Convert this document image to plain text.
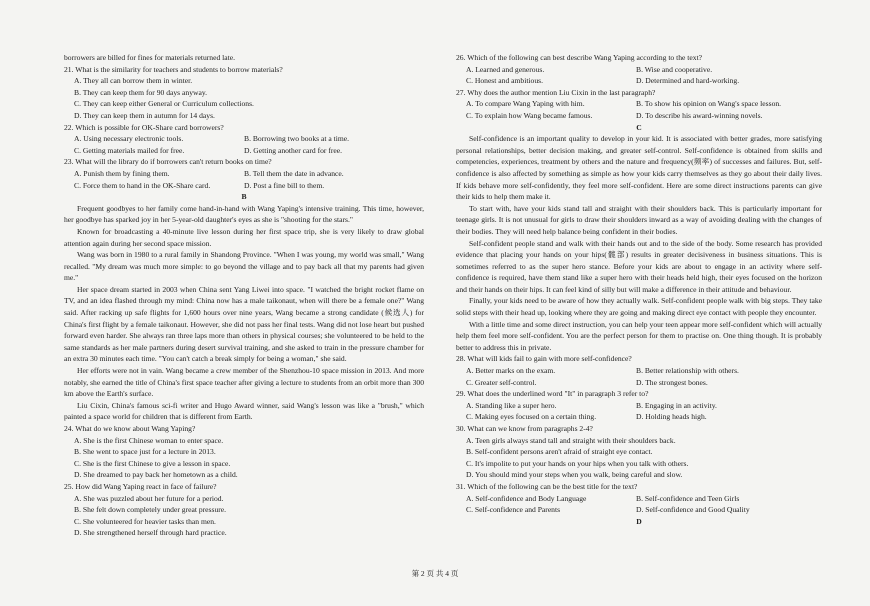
borrowers are billed for fines for materials returned late.
21. What is the similarity for teachers and students to borrow materials?
A. They all can borrow them in winter.
B. They can keep them for 90 days anyway.
C. They can keep either General or Curriculum collections.
D. They can keep them in autumn for 14 days.
22. Which is possible for OK-Share card borrowers?
A. Using necessary electronic tools.	B. Borrowing two books at a time.
C. Getting materials mailed for free.	D. Getting another card for free.
23. What will the library do if borrowers can't return books on time?
A. Punish them by fining them.	B. Tell them the date in advance.
C. Force them to hand in the OK-Share card.	D. Post a fine bill to them.
B
Frequent goodbyes to her family come hand-in-hand with Wang Yaping's intensive training. This time, however, her goodbye has sparked joy in her 5-year-old daughter's eyes as she is "shooting for the stars."
Known for broadcasting a 40-minute live lesson during her first space trip, she is very likely to draw global attention again during her second space mission.
Wang was born in 1980 to a rural family in Shandong Province. "When I was young, my world was small," Wang recalled. "My dream was much more simple: to go beyond the village and to pay back all that my parents had given me."
Her space dream started in 2003 when China sent Yang Liwei into space. "I watched the bright rocket flame on TV, and an idea flashed through my mind: China now has a male taikonaut, when will there be a female one?" Wang said. After racking up safe flights for 1,600 hours over nine years, Wang became a strong candidate (候选人) for China's first flight by a female taikonaut. However, she did not pass her final tests. Wang did not lose heart but pushed forward even harder. She always ran three laps more than others in physical courses; she volunteered to be held to the same standards as her male partners during desert survival training, and she asked to train in the pressure chamber for an extra 30 minutes each time. "You can't catch a break simply for being a woman," she said.
Her efforts were not in vain. Wang became a crew member of the Shenzhou-10 space mission in 2013. And more notably, she earned the title of China's first space teacher after giving a lecture to students from an orbit more than 300 km above the Earth's surface.
Liu Cixin, China's famous sci-fi writer and Hugo Award winner, said Wang's lesson was like a "brush," which painted a space world for children that is different from Earth.
24. What do we know about Wang Yaping?
A. She is the first Chinese woman to enter space.
B. She went to space just for a lecture in 2013.
C. She is the first Chinese to give a lesson in space.
D. She dreamed to pay back her hometown as a child.
25. How did Wang Yaping react in face of failure?
A. She was puzzled about her future for a period.
B. She felt down completely under great pressure.
C. She volunteered for heavier tasks than men.
D. She strengthened herself through hard practice.
26. Which of the following can best describe Wang Yaping according to the text?
A. Learned and generous.	B. Wise and cooperative.
C. Honest and ambitious.	D. Determined and hard-working.
27. Why does the author mention Liu Cixin in the last paragraph?
A. To compare Wang Yaping with him.	B. To show his opinion on Wang's space lesson.
C. To explain how Wang became famous.	D. To describe his award-winning novels.
C
Self-confidence is an important quality to develop in your kid. It is associated with better grades, more satisfying personal relationships, better decision making, and greater self-control. Self-confidence is obtained from skills and competencies, experiences, treatment by others and the nature and frequency(频率) of successes and failures. But, self-confidence is also affected by something as simple as how your kids carry themselves as they go about their daily lives. If kids behave more self-confidently, they feel more self-confident. Here are some direct instructions parents can give their kids to help them make it.
To start with, have your kids stand tall and straight with their shoulders back. This is particularly important for teenage girls. It is not unusual for girls to draw their shoulders inward as a way of avoiding dealing with the changes of their bodies. They will need help balance being confident in their bodies.
Self-confident people stand and walk with their hands out and to the side of the body. Some research has provided evidence that placing your hands on your hips(髋部) results in greater decisiveness in business situations. This is sometimes referred to as the super hero stance. Before your kids are about to engage in an activity where self-confidence is required, have them stand like a super hero with their heads held high, their eyes focused on the horizon and their hands on their hips. It can feel kind of silly but will make a difference in their attitude and behaviour.
Finally, your kids need to be aware of how they actually walk. Self-confident people walk with big steps. They take solid steps with their head up, looking where they are going and making direct eye contact with people they encounter.
With a little time and some direct instruction, you can help your teen appear more self-confident which will actually help them feel more self-confident. You are the perfect person for them to practise on. One thing though. It is probably better to address this in private.
28. What will kids fail to gain with more self-confidence?
A. Better marks on the exam.	B. Better relationship with others.
C. Greater self-control.	D. The strongest bones.
29. What does the underlined word "It" in paragraph 3 refer to?
A. Standing like a super hero.	B. Engaging in an activity.
C. Making eyes focused on a certain thing.	D. Holding heads high.
30. What can we know from paragraphs 2-4?
A. Teen girls always stand tall and straight with their shoulders back.
B. Self-confident persons aren't afraid of straight eye contact.
C. It's impolite to put your hands on your hips when you talk with others.
D. You should mind your steps when you walk, being careful and slow.
31. Which of the following can be the best title for the text?
A. Self-confidence and Body Language	B. Self-confidence and Teen Girls
C. Self-confidence and Parents	D. Self-confidence and Good Quality
D
第 2 页 共 4 页
